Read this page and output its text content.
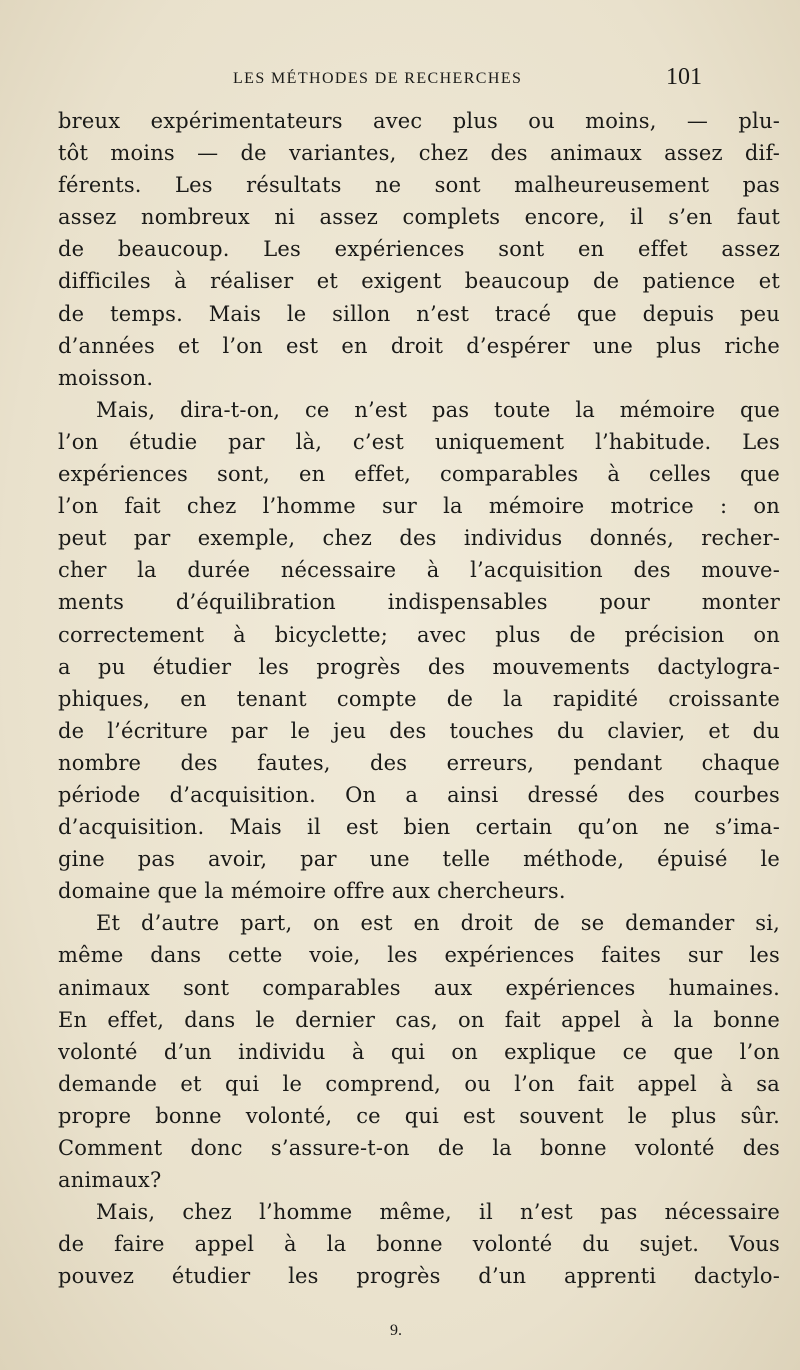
LES MÉTHODES DE RECHERCHES	101
breux expérimentateurs avec plus ou moins, — plu-
tôt moins — de variantes, chez des animaux assez dif-
férents. Les résultats ne sont malheureusement pas
assez nombreux ni assez complets encore, il s’en faut
de beaucoup. Les expériences sont en effet assez
difficiles à réaliser et exigent beaucoup de patience et
de temps. Mais le sillon n’est tracé que depuis peu
d’années et l’on est en droit d’espérer une plus riche
moisson.
Mais, dira-t-on, ce n’est pas toute la mémoire que
l’on étudie par là, c’est uniquement l’habitude. Les
expériences sont, en effet, comparables à celles que
l’on fait chez l’homme sur la mémoire motrice : on
peut par exemple, chez des individus donnés, recher-
cher la durée nécessaire à l’acquisition des mouve-
ments d’équilibration indispensables pour monter
correctement à bicyclette; avec plus de précision on
a pu étudier les progrès des mouvements dactylogra-
phiques, en tenant compte de la rapidité croissante
de l’écriture par le jeu des touches du clavier, et du
nombre des fautes, des erreurs, pendant chaque
période d’acquisition. On a ainsi dressé des courbes
d’acquisition. Mais il est bien certain qu’on ne s’ima-
gine pas avoir, par une telle méthode, épuisé le
domaine que la mémoire offre aux chercheurs.
Et d’autre part, on est en droit de se demander si,
même dans cette voie, les expériences faites sur les
animaux sont comparables aux expériences humaines.
En effet, dans le dernier cas, on fait appel à la bonne
volonté d’un individu à qui on explique ce que l’on
demande et qui le comprend, ou l’on fait appel à sa
propre bonne volonté, ce qui est souvent le plus sûr.
Comment donc s’assure-t-on de la bonne volonté des
animaux?
Mais, chez l’homme même, il n’est pas nécessaire
de faire appel à la bonne volonté du sujet. Vous
pouvez étudier les progrès d’un apprenti dactylo-
9.
